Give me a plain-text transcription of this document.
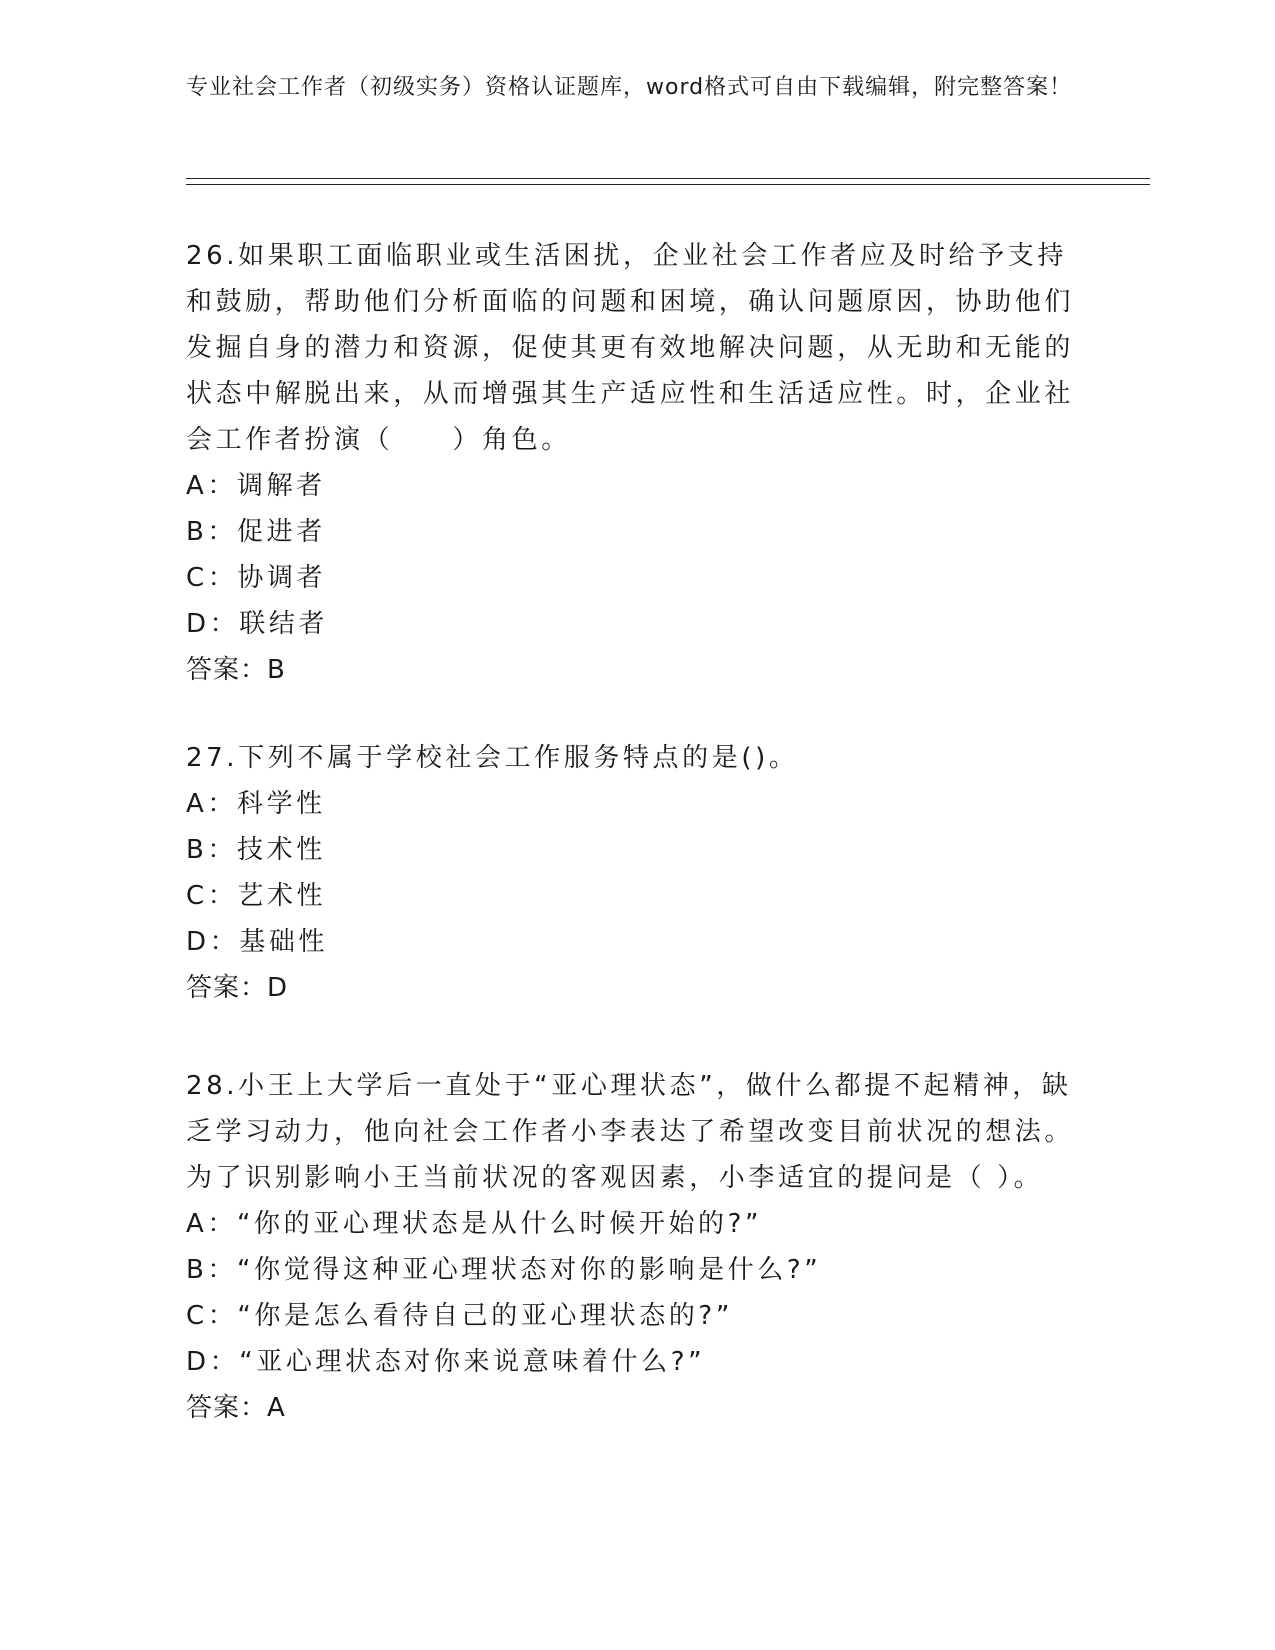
专业社会工作者（初级实务）资格认证题库，word格式可自由下载编辑，附完整答案！

26.如果职工面临职业或生活困扰，企业社会工作者应及时给予支持和鼓励，帮助他们分析面临的问题和困境，确认问题原因，协助他们发掘自身的潜力和资源，促使其更有效地解决问题，从无助和无能的状态中解脱出来，从而增强其生产适应性和生活适应性。时，企业社会工作者扮演（　　）角色。

A：调解者
B：促进者
C：协调者
D：联结者
答案：B

27.下列不属于学校社会工作服务特点的是()。

A：科学性
B：技术性
C：艺术性
D：基础性
答案：D

28.小王上大学后一直处于“亚心理状态”，做什么都提不起精神，缺乏学习动力，他向社会工作者小李表达了希望改变目前状况的想法。为了识别影响小王当前状况的客观因素，小李适宜的提问是（ ）。

A：“你的亚心理状态是从什么时候开始的?”
B：“你觉得这种亚心理状态对你的影响是什么?”
C：“你是怎么看待自己的亚心理状态的?”
D：“亚心理状态对你来说意味着什么?”
答案：A
